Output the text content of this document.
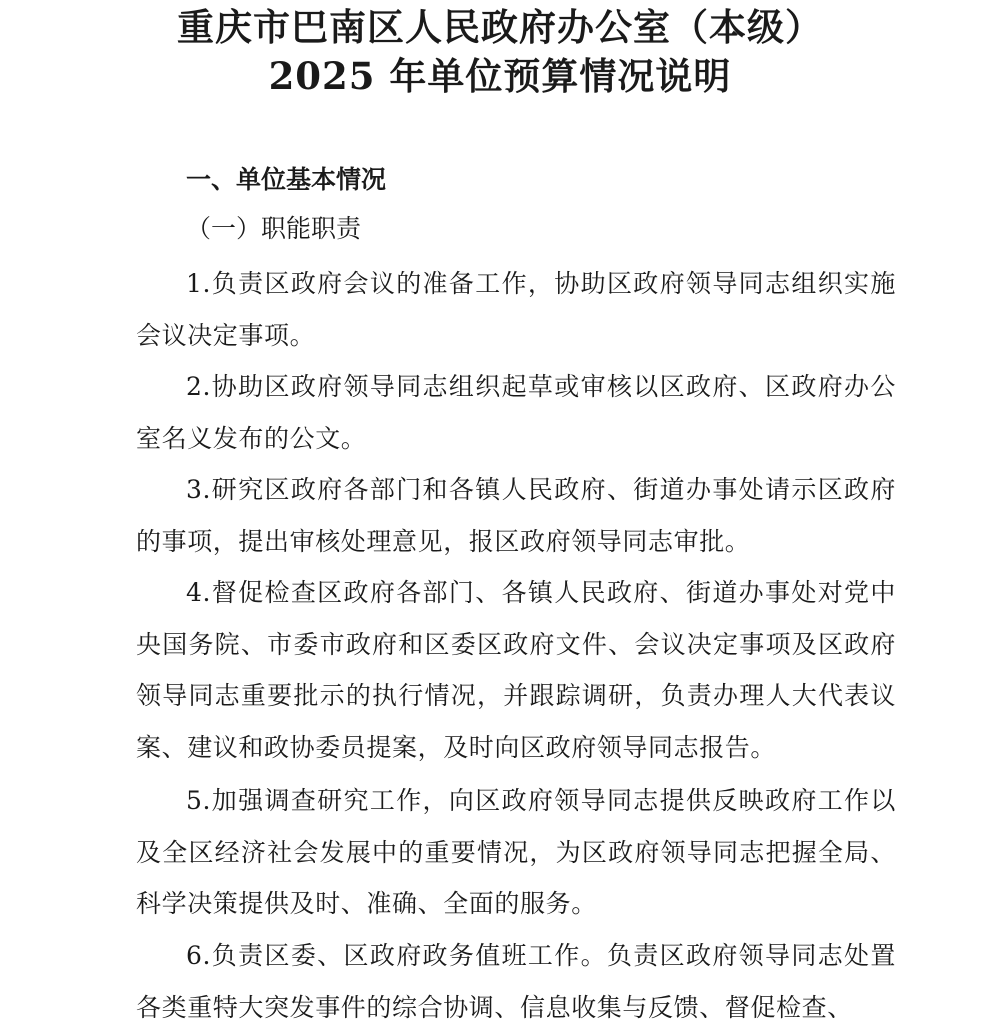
重庆市巴南区人民政府办公室（本级）
2025 年单位预算情况说明
一、单位基本情况
（一）职能职责

1.负责区政府会议的准备工作，协助区政府领导同志组织实施会议决定事项。

2.协助区政府领导同志组织起草或审核以区政府、区政府办公室名义发布的公文。

3.研究区政府各部门和各镇人民政府、街道办事处请示区政府的事项，提出审核处理意见，报区政府领导同志审批。

4.督促检查区政府各部门、各镇人民政府、街道办事处对党中央国务院、市委市政府和区委区政府文件、会议决定事项及区政府领导同志重要批示的执行情况，并跟踪调研，负责办理人大代表议案、建议和政协委员提案，及时向区政府领导同志报告。

5.加强调查研究工作，向区政府领导同志提供反映政府工作以及全区经济社会发展中的重要情况，为区政府领导同志把握全局、科学决策提供及时、准确、全面的服务。

6.负责区委、区政府政务值班工作。负责区政府领导同志处置各类重特大突发事件的综合协调、信息收集与反馈、督促检查、
